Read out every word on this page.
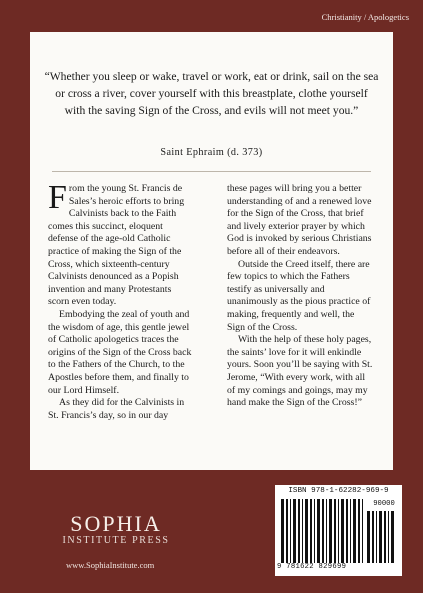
Christianity / Apologetics
“Whether you sleep or wake, travel or work, eat or drink, sail on the sea or cross a river, cover yourself with this breastplate, clothe yourself with the saving Sign of the Cross, and evils will not meet you.”
Saint Ephraim (d. 373)

From the young St. Francis de Sales’s heroic efforts to bring Calvinists back to the Faith comes this succinct, eloquent defense of the age-old Catholic practice of making the Sign of the Cross, which sixteenth-century Calvinists denounced as a Popish invention and many Protestants scorn even today.

Embodying the zeal of youth and the wisdom of age, this gentle jewel of Catholic apologetics traces the origins of the Sign of the Cross back to the Fathers of the Church, to the Apostles before them, and finally to our Lord Himself.

As they did for the Calvinists in St. Francis’s day, so in our day

these pages will bring you a better understanding of and a renewed love for the Sign of the Cross, that brief and lively exterior prayer by which God is invoked by serious Christians before all of their endeavors.

Outside the Creed itself, there are few topics to which the Fathers testify as universally and unanimously as the pious practice of making, frequently and well, the Sign of the Cross.

With the help of these holy pages, the saints’ love for it will enkindle yours. Soon you’ll be saying with St. Jerome, “With every work, with all of my comings and goings, may my hand make the Sign of the Cross!”

SOPHIA
INSTITUTE PRESS
www.SophiaInstitute.com
ISBN 978-1-62282-969-9
9 781622 829699
90000
